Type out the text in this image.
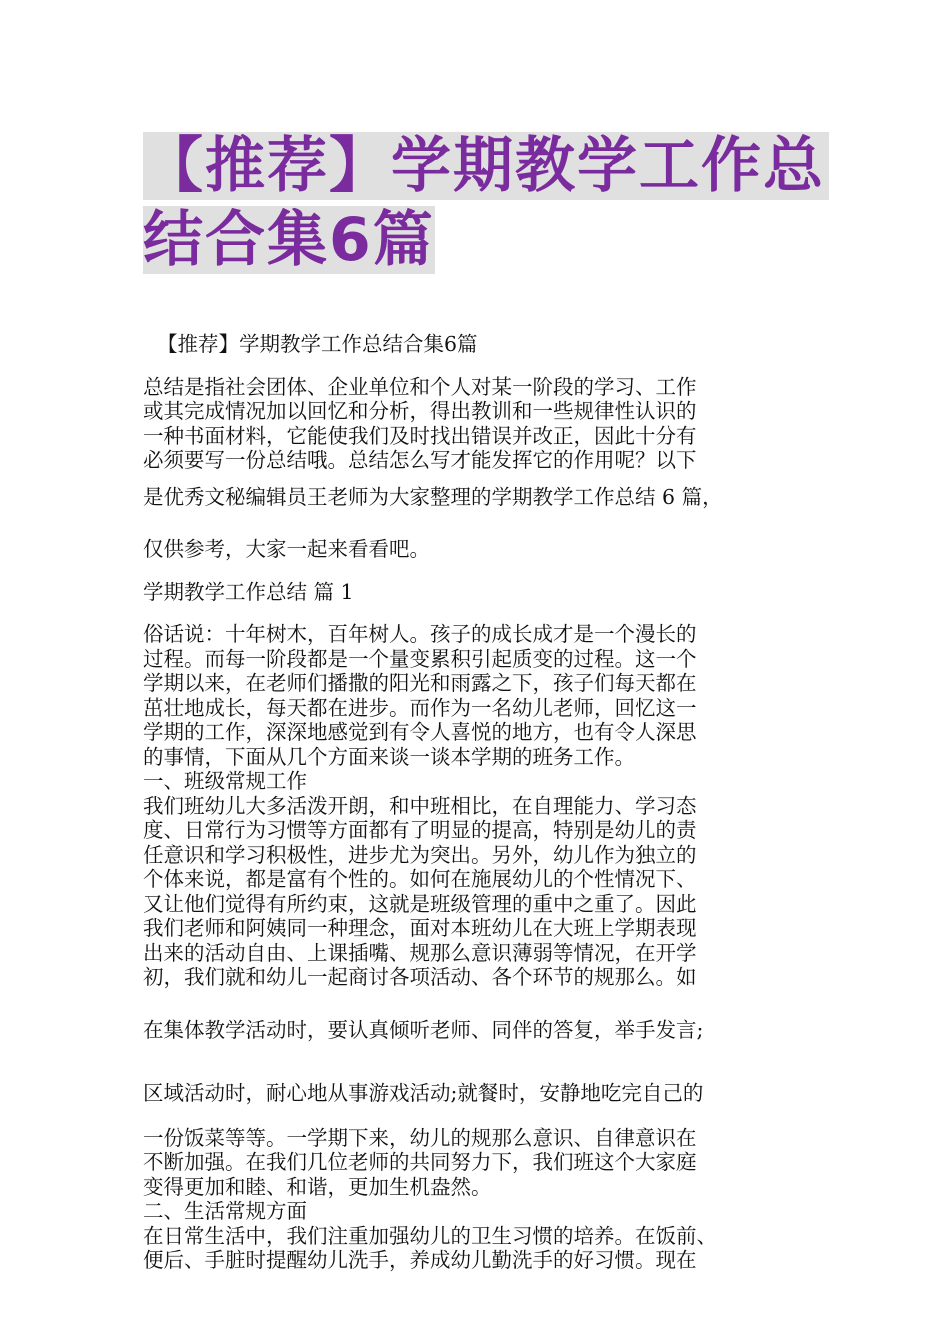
【推荐】学期教学工作总
结合集6篇

【推荐】学期教学工作总结合集6篇

总结是指社会团体、企业单位和个人对某一阶段的学习、工作

或其完成情况加以回忆和分析，得出教训和一些规律性认识的

一种书面材料，它能使我们及时找出错误并改正，因此十分有

必须要写一份总结哦。总结怎么写才能发挥它的作用呢？以下

是优秀文秘编辑员王老师为大家整理的学期教学工作总结 6 篇，

仅供参考，大家一起来看看吧。

学期教学工作总结 篇 1

俗话说：十年树木，百年树人。孩子的成长成才是一个漫长的

过程。而每一阶段都是一个量变累积引起质变的过程。这一个

学期以来，在老师们播撒的阳光和雨露之下，孩子们每天都在

茁壮地成长，每天都在进步。而作为一名幼儿老师，回忆这一

学期的工作，深深地感觉到有令人喜悦的地方，也有令人深思

的事情，下面从几个方面来谈一谈本学期的班务工作。

一、班级常规工作

我们班幼儿大多活泼开朗，和中班相比，在自理能力、学习态

度、日常行为习惯等方面都有了明显的提高，特别是幼儿的责

任意识和学习积极性，进步尤为突出。另外，幼儿作为独立的

个体来说，都是富有个性的。如何在施展幼儿的个性情况下、

又让他们觉得有所约束，这就是班级管理的重中之重了。因此

我们老师和阿姨同一种理念，面对本班幼儿在大班上学期表现

出来的活动自由、上课插嘴、规那么意识薄弱等情况，在开学

初，我们就和幼儿一起商讨各项活动、各个环节的规那么。如

在集体教学活动时，要认真倾听老师、同伴的答复，举手发言;

区域活动时，耐心地从事游戏活动;就餐时，安静地吃完自己的

一份饭菜等等。一学期下来，幼儿的规那么意识、自律意识在

不断加强。在我们几位老师的共同努力下，我们班这个大家庭

变得更加和睦、和谐，更加生机盎然。

二、生活常规方面

在日常生活中，我们注重加强幼儿的卫生习惯的培养。在饭前、

便后、手脏时提醒幼儿洗手，养成幼儿勤洗手的好习惯。现在
